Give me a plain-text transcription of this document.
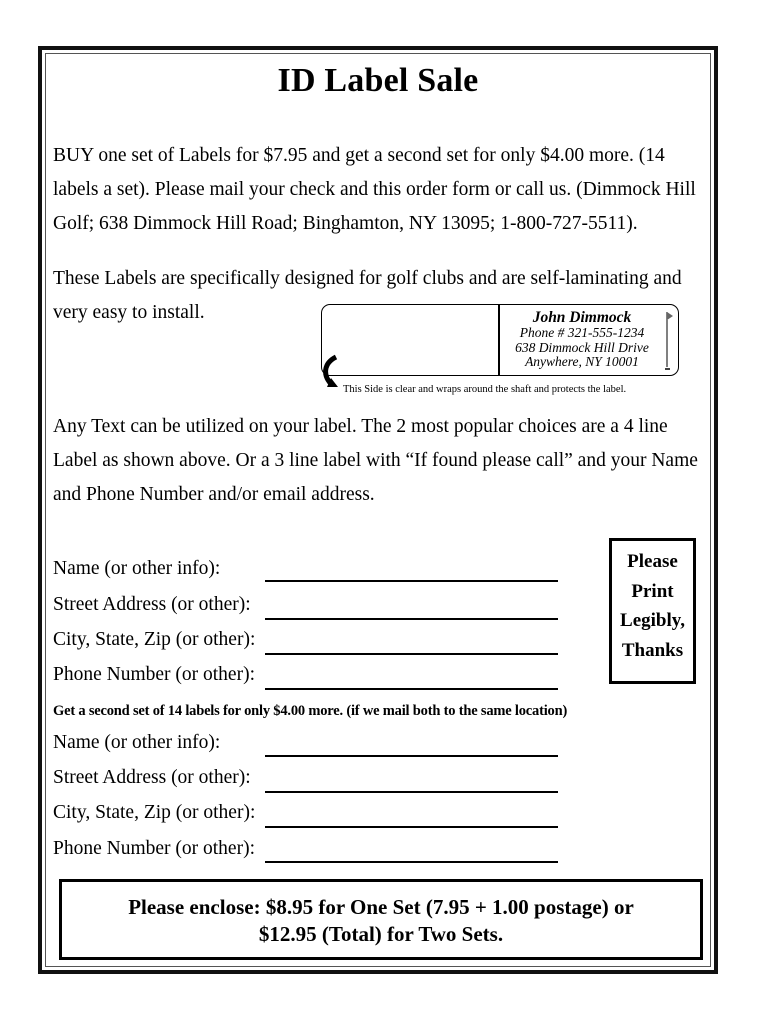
ID Label Sale

BUY one set of Labels for $7.95 and get a second set for only $4.00 more. (14 labels a set). Please mail your check and this order form or call us. (Dimmock Hill Golf; 638 Dimmock Hill Road; Binghamton, NY 13095; 1-800-727-5511).

These Labels are specifically designed for golf clubs and are self-laminating and

very easy to install.	John Dimmock
Phone # 321-555-1234
638 Dimmock Hill Drive
Anywhere, NY 10001
This Side is clear and wraps around the shaft and protects the label.

Any Text can be utilized on your label. The 2 most popular choices are a 4 line Label as shown above. Or a 3 line label with “If found please call” and your Name and Phone Number and/or email address.

Name (or other info):
Street Address (or other):
City, State, Zip (or other):
Phone Number (or other):
Please
Print
Legibly,
Thanks
Get a second set of 14 labels for only $4.00 more. (if we mail both to the same location)
Name (or other info):
Street Address (or other):
City, State, Zip (or other):
Phone Number (or other):
Please enclose: $8.95 for One Set (7.95 + 1.00 postage) or
$12.95 (Total) for Two Sets.
